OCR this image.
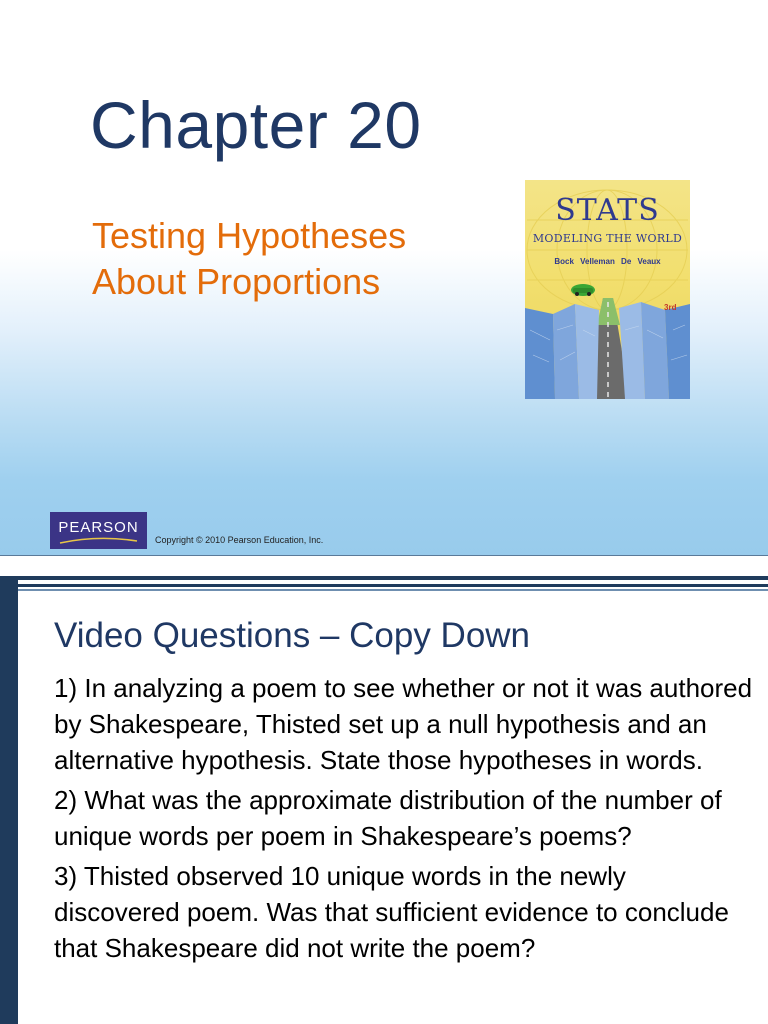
Chapter 20
Testing Hypotheses
About Proportions
STATS
MODELING THE WORLD
Bock Velleman De Veaux
3rd
PEARSON
Copyright © 2010 Pearson Education, Inc.
Video Questions – Copy Down
1) In analyzing a poem to see whether or not it was authored by Shakespeare, Thisted set up a null hypothesis and an alternative hypothesis. State those hypotheses in words.
2) What was the approximate distribution of the number of unique words per poem in Shakespeare’s poems?
3) Thisted observed 10 unique words in the newly discovered poem. Was that sufficient evidence to conclude that Shakespeare did not write the poem?
